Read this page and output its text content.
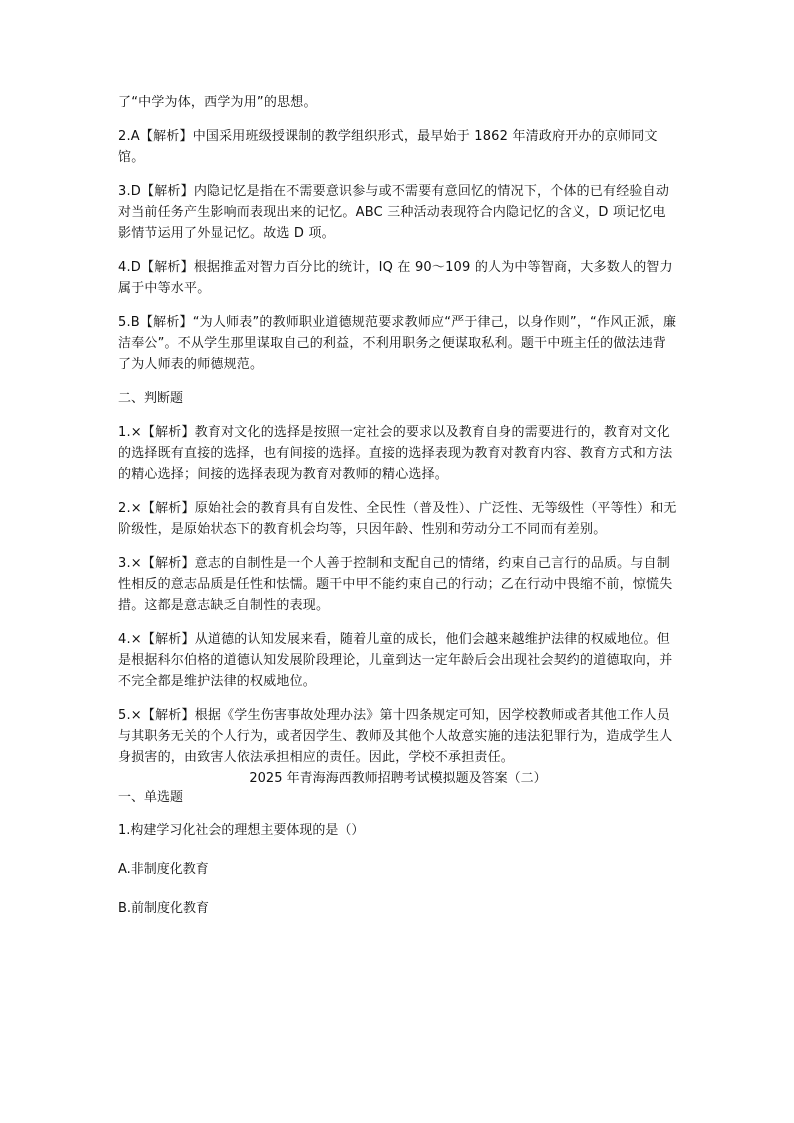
了“中学为体，西学为用”的思想。

2.A【解析】中国采用班级授课制的教学组织形式，最早始于 1862 年清政府开办的京师同文馆。

3.D【解析】内隐记忆是指在不需要意识参与或不需要有意回忆的情况下，个体的已有经验自动对当前任务产生影响而表现出来的记忆。ABC 三种活动表现符合内隐记忆的含义，D 项记忆电影情节运用了外显记忆。故选 D 项。

4.D【解析】根据推孟对智力百分比的统计，IQ 在 90～109 的人为中等智商，大多数人的智力属于中等水平。

5.B【解析】“为人师表”的教师职业道德规范要求教师应“严于律己，以身作则”，“作风正派，廉洁奉公”。不从学生那里谋取自己的利益，不利用职务之便谋取私利。题干中班主任的做法违背了为人师表的师德规范。

二、判断题

1.×【解析】教育对文化的选择是按照一定社会的要求以及教育自身的需要进行的，教育对文化的选择既有直接的选择，也有间接的选择。直接的选择表现为教育对教育内容、教育方式和方法的精心选择；间接的选择表现为教育对教师的精心选择。

2.×【解析】原始社会的教育具有自发性、全民性（普及性）、广泛性、无等级性（平等性）和无阶级性，是原始状态下的教育机会均等，只因年龄、性别和劳动分工不同而有差别。

3.×【解析】意志的自制性是一个人善于控制和支配自己的情绪，约束自己言行的品质。与自制性相反的意志品质是任性和怯懦。题干中甲不能约束自己的行动；乙在行动中畏缩不前，惊慌失措。这都是意志缺乏自制性的表现。

4.×【解析】从道德的认知发展来看，随着儿童的成长，他们会越来越维护法律的权威地位。但是根据科尔伯格的道德认知发展阶段理论，儿童到达一定年龄后会出现社会契约的道德取向，并不完全都是维护法律的权威地位。

5.×【解析】根据《学生伤害事故处理办法》第十四条规定可知，因学校教师或者其他工作人员与其职务无关的个人行为，或者因学生、教师及其他个人故意实施的违法犯罪行为，造成学生人身损害的，由致害人依法承担相应的责任。因此，学校不承担责任。

2025 年青海海西教师招聘考试模拟题及答案（二）

一、单选题

1.构建学习化社会的理想主要体现的是（）

A.非制度化教育

B.前制度化教育
